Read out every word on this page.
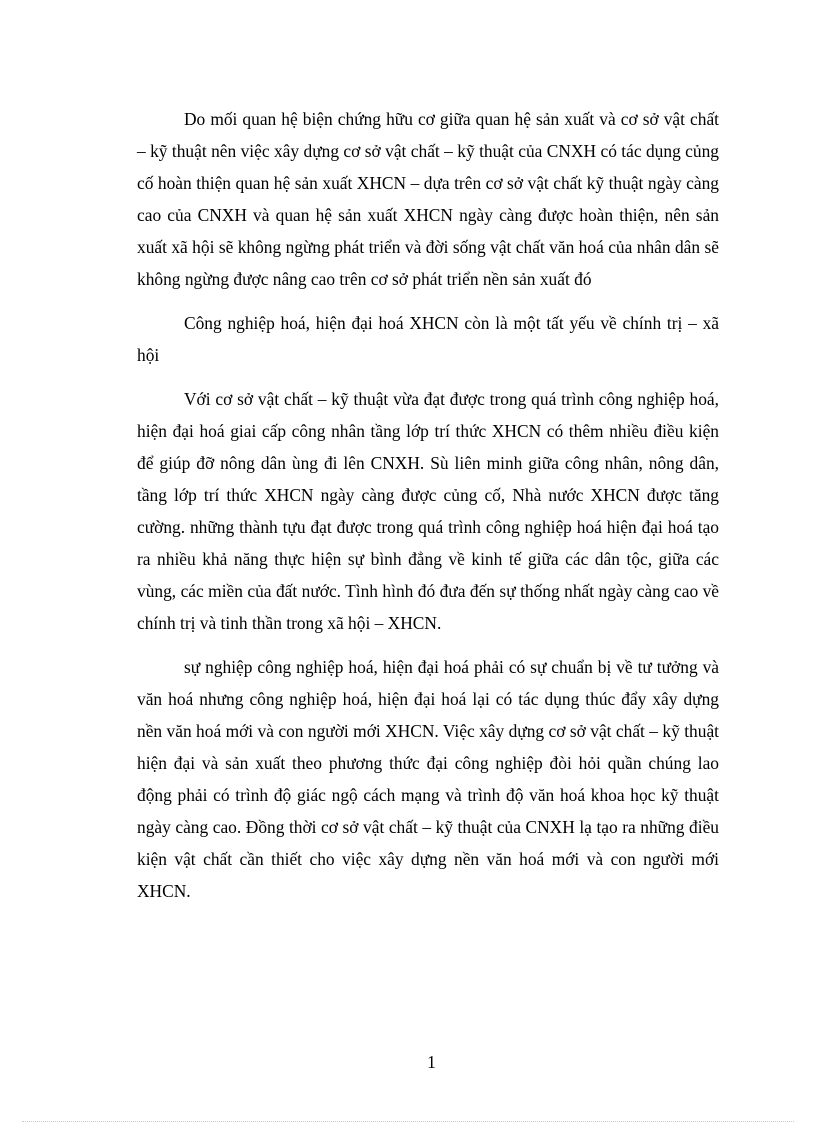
Do mối quan hệ biện chứng hữu cơ giữa quan hệ sản xuất và cơ sở vật chất – kỹ thuật nên việc xây dựng cơ sở vật chất – kỹ thuật của CNXH có tác dụng củng cố hoàn thiện quan hệ sản xuất XHCN – dựa trên cơ sở vật chất kỹ thuật ngày càng cao của CNXH và quan hệ sản xuất XHCN ngày càng được hoàn thiện, nên sản xuất xã hội sẽ không ngừng phát triển và đời sống vật chất văn hoá của nhân dân sẽ không ngừng được nâng cao trên cơ sở phát triển nền sản xuất đó

Công nghiệp hoá, hiện đại hoá XHCN còn là một tất yếu về chính trị – xã hội

Với cơ sở vật chất – kỹ thuật vừa đạt được trong quá trình công nghiệp hoá, hiện đại hoá giai cấp công nhân tầng lớp trí thức XHCN có thêm nhiều điều kiện để giúp đỡ nông dân ùng đi lên CNXH. Sù liên minh giữa công nhân, nông dân, tầng lớp trí thức XHCN ngày càng được củng cố, Nhà nước XHCN được tăng cường. những thành tựu đạt được trong quá trình công nghiệp hoá hiện đại hoá tạo ra nhiều khả năng thực hiện sự bình đẳng về kinh tế giữa các dân tộc, giữa các vùng, các miền của đất nước. Tình hình đó đưa đến sự thống nhất ngày càng cao về chính trị và tinh thần trong xã hội – XHCN.

sự nghiệp công nghiệp hoá, hiện đại hoá phải có sự chuẩn bị về tư tưởng và văn hoá nhưng công nghiệp hoá, hiện đại hoá lại có tác dụng thúc đẩy xây dựng nền văn hoá mới và con người mới XHCN. Việc xây dựng cơ sở vật chất – kỹ thuật hiện đại và sản xuất theo phương thức đại công nghiệp đòi hỏi quần chúng lao động phải có trình độ giác ngộ cách mạng và trình độ văn hoá khoa học kỹ thuật ngày càng cao. Đồng thời cơ sở vật chất – kỹ thuật của CNXH lạ tạo ra những điều kiện vật chất cần thiết cho việc xây dựng nền văn hoá mới và con người mới XHCN.

1
